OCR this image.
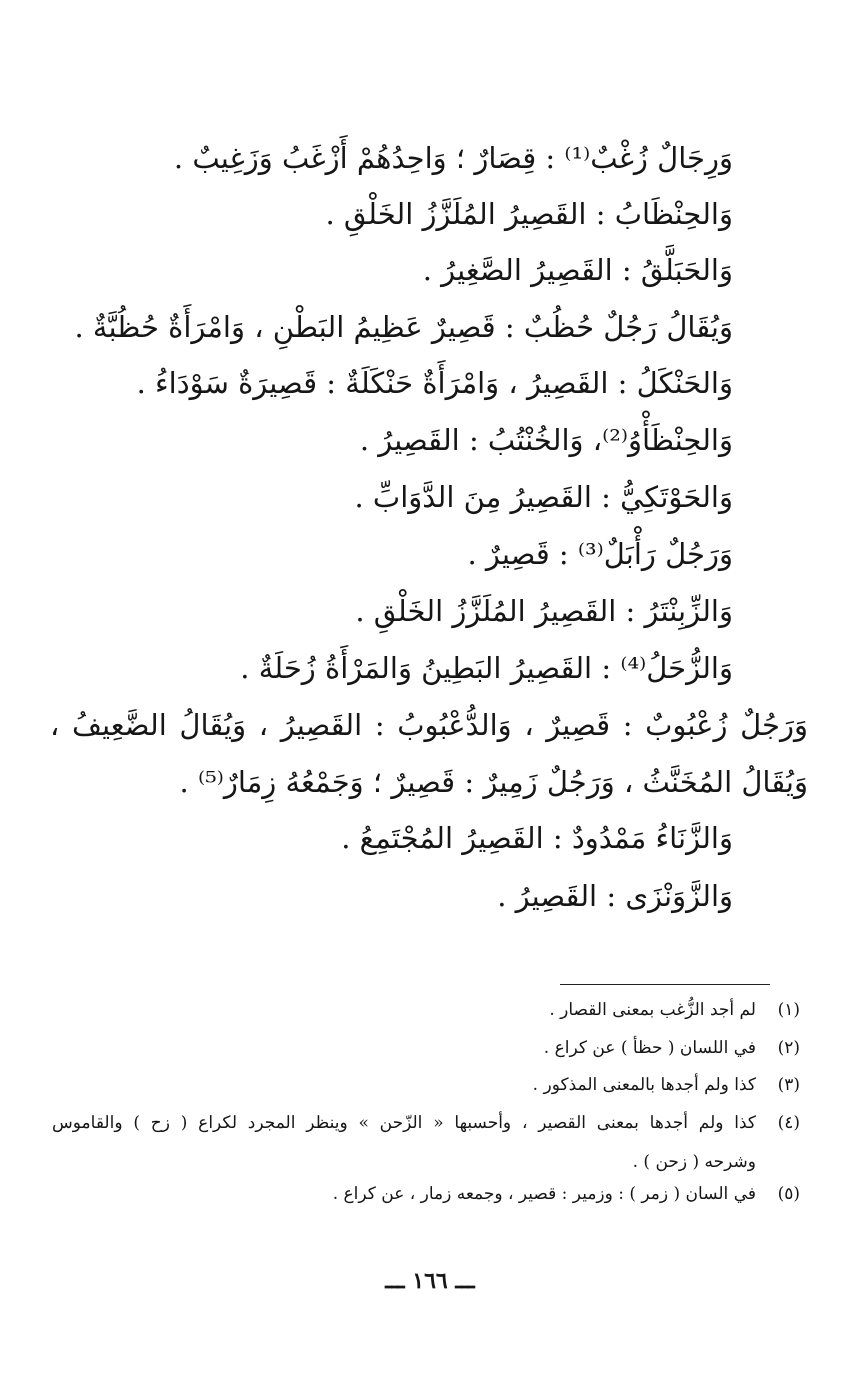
وَرِجَالٌ زُغْبٌ⁽¹⁾ : قِصَارٌ ؛ وَاحِدُهُمْ أَزْغَبُ وَزَغِيبٌ .
وَالحِنْظَابُ : القَصِيرُ المُلَزَّزُ الخَلْقِ .
وَالحَبَلَّقُ : القَصِيرُ الصَّغِيرُ .
وَيُقَالُ رَجُلٌ حُظُبٌ : قَصِيرٌ عَظِيمُ البَطْنِ ، وَامْرَأَةٌ حُظُبَّةٌ .
وَالحَنْكَلُ : القَصِيرُ ، وَامْرَأَةٌ حَنْكَلَةٌ : قَصِيرَةٌ سَوْدَاءُ .
وَالحِنْظَأْوُ⁽²⁾، وَالخُنْتُبُ : القَصِيرُ .
وَالحَوْتَكِيُّ : القَصِيرُ مِنَ الدَّوَابِّ .
وَرَجُلٌ رَأْبَلٌ⁽³⁾ : قَصِيرٌ .
وَالزِّبِنْتَرُ : القَصِيرُ المُلَزَّزُ الخَلْقِ .
وَالزُّحَلُ⁽⁴⁾ : القَصِيرُ البَطِينُ وَالمَرْأَةُ زُحَلَةٌ .
وَرَجُلٌ زُعْبُوبٌ : قَصِيرٌ ، وَالدُّعْبُوبُ : القَصِيرُ ، وَيُقَالُ الضَّعِيفُ ،
وَيُقَالُ المُخَنَّثُ ، وَرَجُلٌ زَمِيرٌ : قَصِيرٌ ؛ وَجَمْعُهُ زِمَارٌ⁽⁵⁾ .
وَالزَّنَاءُ مَمْدُودٌ : القَصِيرُ المُجْتَمِعُ .
وَالزَّوَنْزَى : القَصِيرُ .
(١)لم أجد الزُّغب بمعنى القصار .
(٢)في اللسان ( حظأ ) عن كراع .
(٣)كذا ولم أجدها بالمعنى المذكور .
(٤)كذا ولم أجدها بمعنى القصير ، وأحسبها « الزّحن » وينظر المجرد لكراع ( زح ) والقاموس
وشرحه ( زحن ) .
(٥)في السان ( زمر ) : وزمير : قصير ، وجمعه زمار ، عن كراع .
ـــ ١٦٦ ـــ
